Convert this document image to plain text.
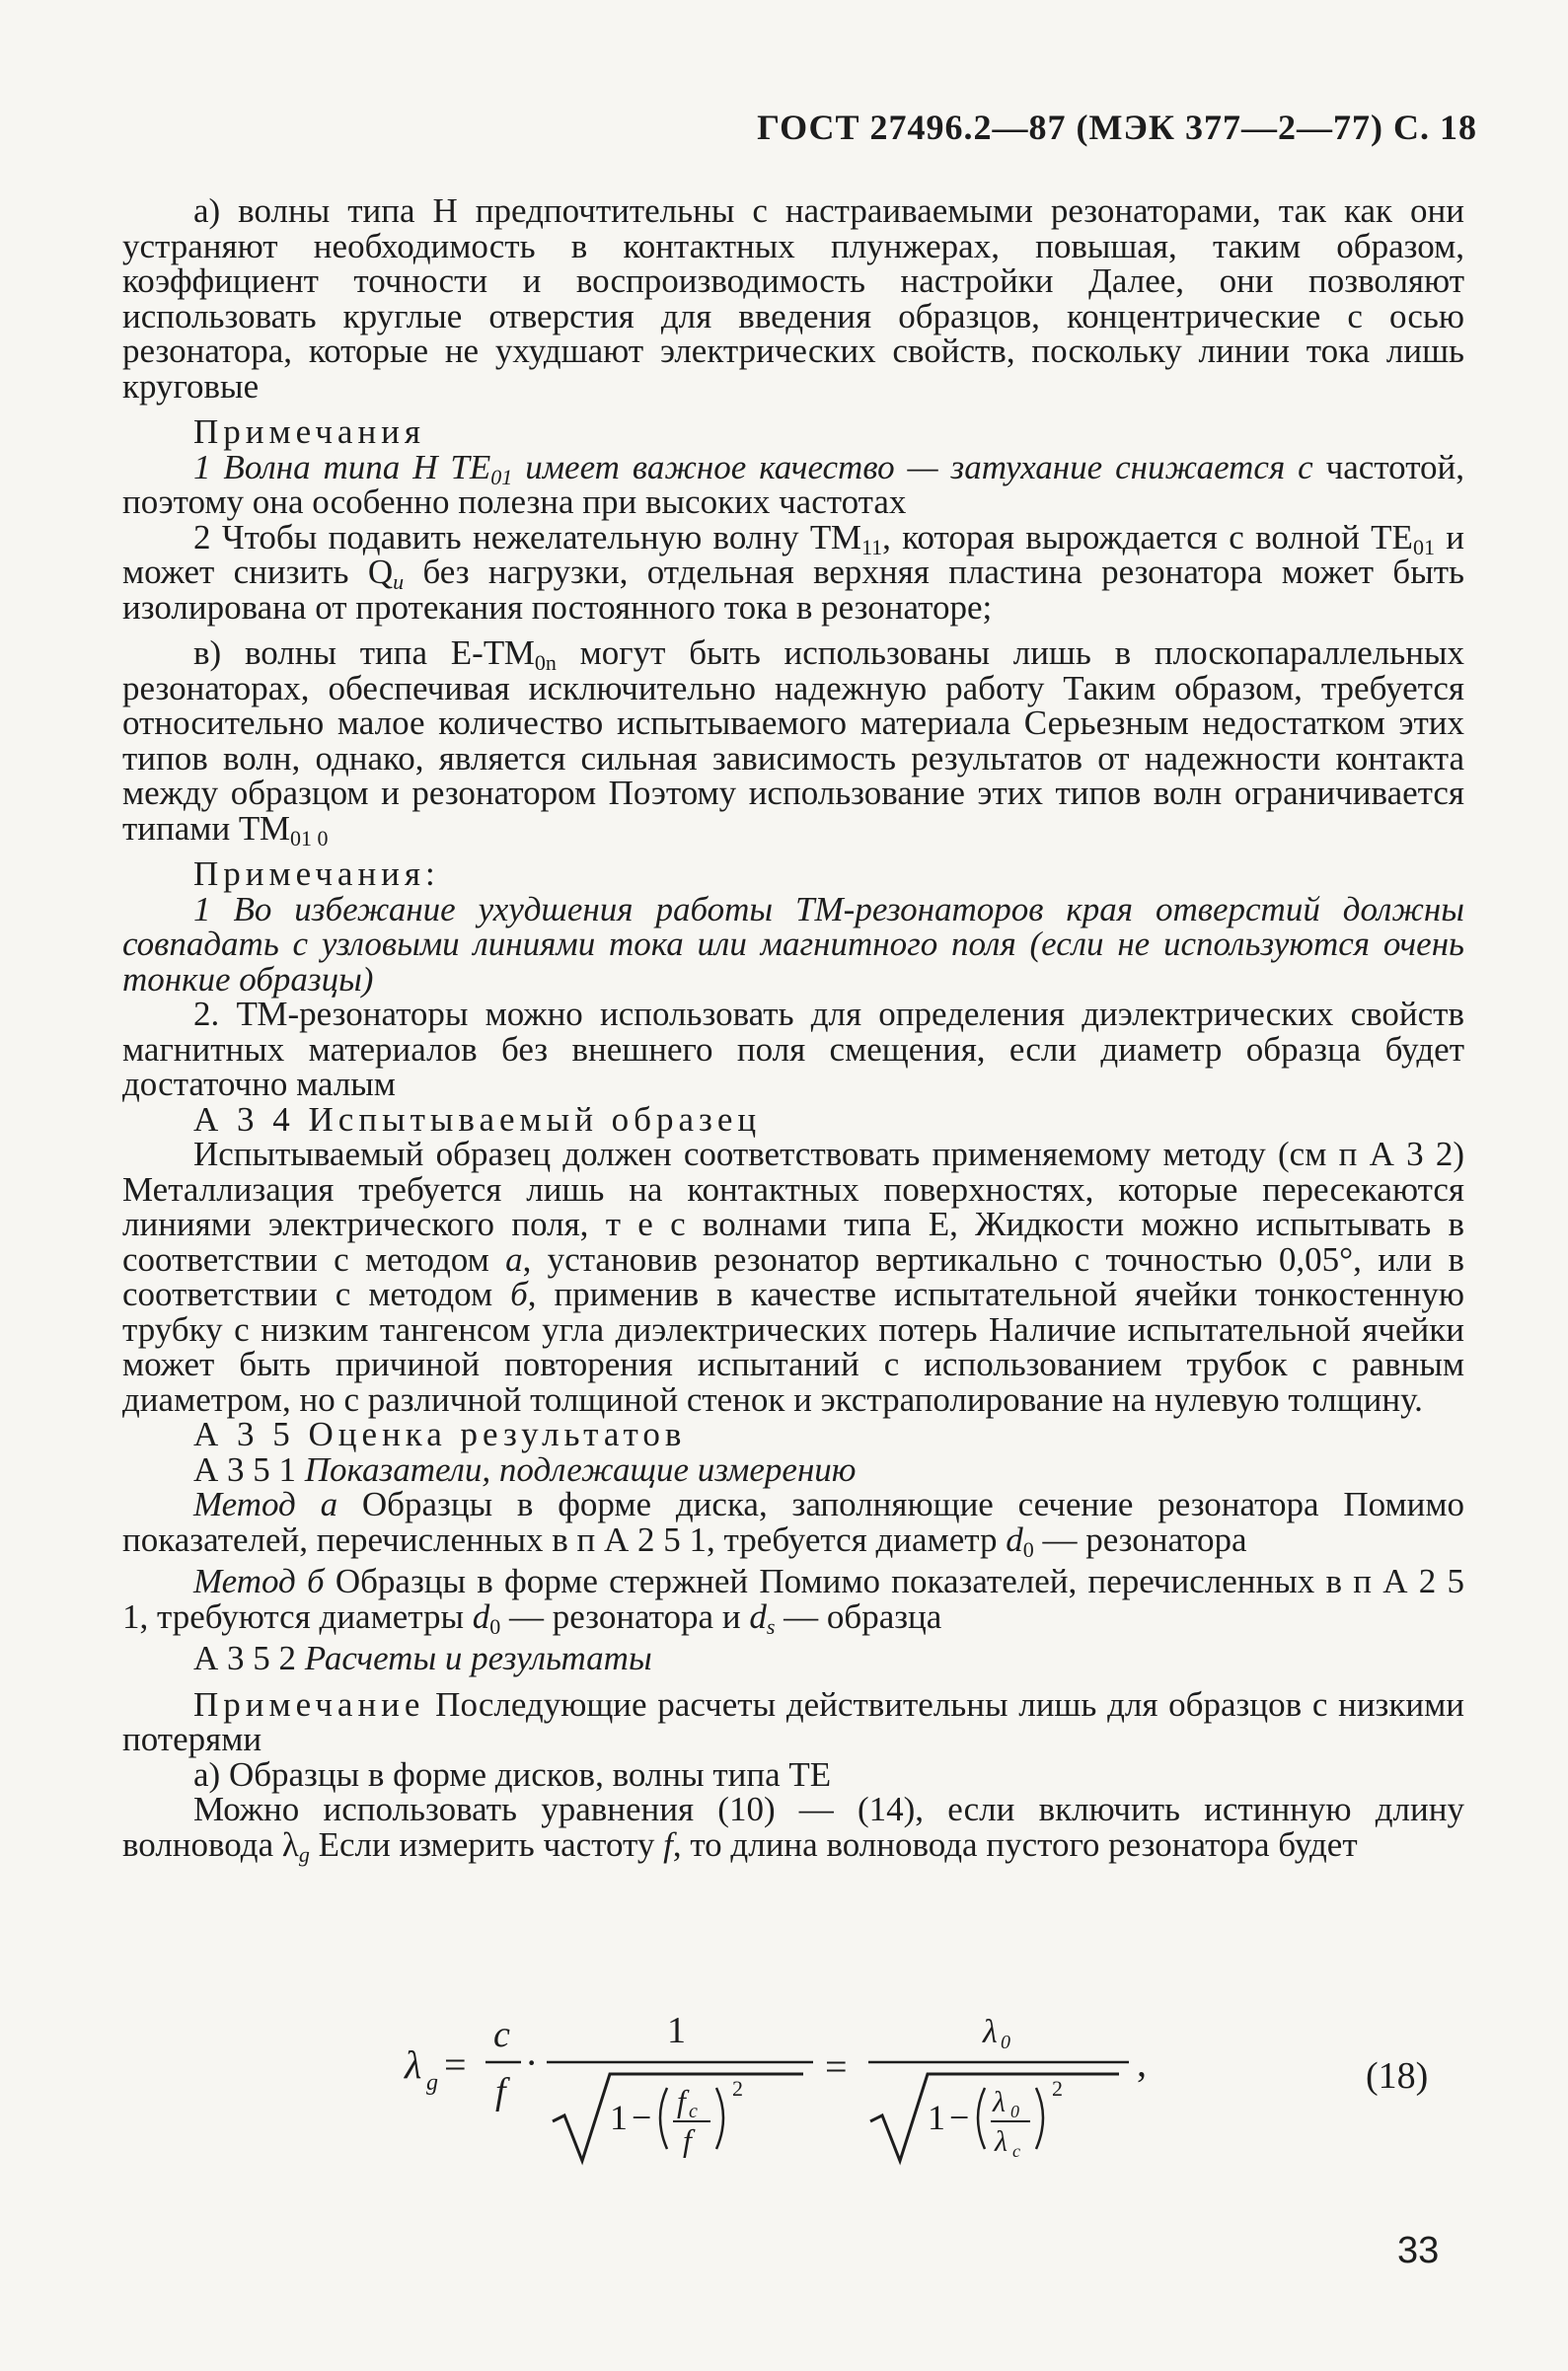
ГОСТ 27496.2—87 (МЭК 377—2—77) С. 18

а) волны типа Н предпочтительны с настраиваемыми резонаторами, так как они устраняют необходимость в контактных плунжерах, повышая, таким образом, коэффициент точности и воспроизводимость настройки Далее, они позволяют использовать круглые отверстия для введения образцов, концентрические с осью резонатора, которые не ухудшают электрических свойств, поскольку линии тока лишь круговые

Примечания

1 Волна типа Н $ТЕ_{01}$ имеет важное качество — затухание снижается с частотой, поэтому она особенно полезна при высоких частотах

2 Чтобы подавить нежелательную волну $ТМ_{11}$, которая вырождается с волной $ТЕ_{01}$ и может снизить $Q_u$ без нагрузки, отдельная верхняя пластина резонатора может быть изолирована от протекания постоянного тока в резонаторе;

в) волны типа $Е-ТМ_{0n}$ могут быть использованы лишь в плоскопараллельных резонаторах, обеспечивая исключительно надежную работу Таким образом, требуется относительно малое количество испытываемого материала Серьезным недостатком этих типов волн, однако, является сильная зависимость результатов от надежности контакта между образцом и резонатором Поэтому использование этих типов волн ограничивается типами $ТМ_{01 0}$

Примечания:

1 Во избежание ухудшения работы ТМ-резонаторов края отверстий должны совпадать с узловыми линиями тока или магнитного поля (если не используются очень тонкие образцы)

2. ТМ-резонаторы можно использовать для определения диэлектрических свойств магнитных материалов без внешнего поля смещения, если диаметр образца будет достаточно малым

А 3 4 Испытываемый образец

Испытываемый образец должен соответствовать применяемому методу (см п А 3 2) Металлизация требуется лишь на контактных поверхностях, которые пересекаются линиями электрического поля, т е с волнами типа Е, Жидкости можно испытывать в соответствии с методом а, установив резонатор вертикально с точностью 0,05°, или в соответствии с методом б, применив в качестве испытательной ячейки тонкостенную трубку с низким тангенсом угла диэлектрических потерь Наличие испытательной ячейки может быть причиной повторения испытаний с использованием трубок с равным диаметром, но с различной толщиной стенок и экстраполирование на нулевую толщину.

А 3 5 Оценка результатов

А 3 5 1 Показатели, подлежащие измерению

Метод а Образцы в форме диска, заполняющие сечение резонатора Помимо показателей, перечисленных в п А 2 5 1, требуется диаметр $d_0$ — резонатора

Метод б Образцы в форме стержней Помимо показателей, перечисленных в п А 2 5 1, требуются диаметры $d_0$ — резонатора и $d_s$ — образца

А 3 5 2 Расчеты и результаты

Примечание Последующие расчеты действительны лишь для образцов с низкими потерями

а) Образцы в форме дисков, волны типа ТЕ

Можно использовать уравнения (10) — (14), если включить истинную длину волновода $\lambda_g$ Если измерить частоту f, то длина волновода пустого резонатора будет

λ g =
c
f
·
1
1 − f c
f
2 =
λ 0
1 − λ 0
λ c
2
,	(18)
33
